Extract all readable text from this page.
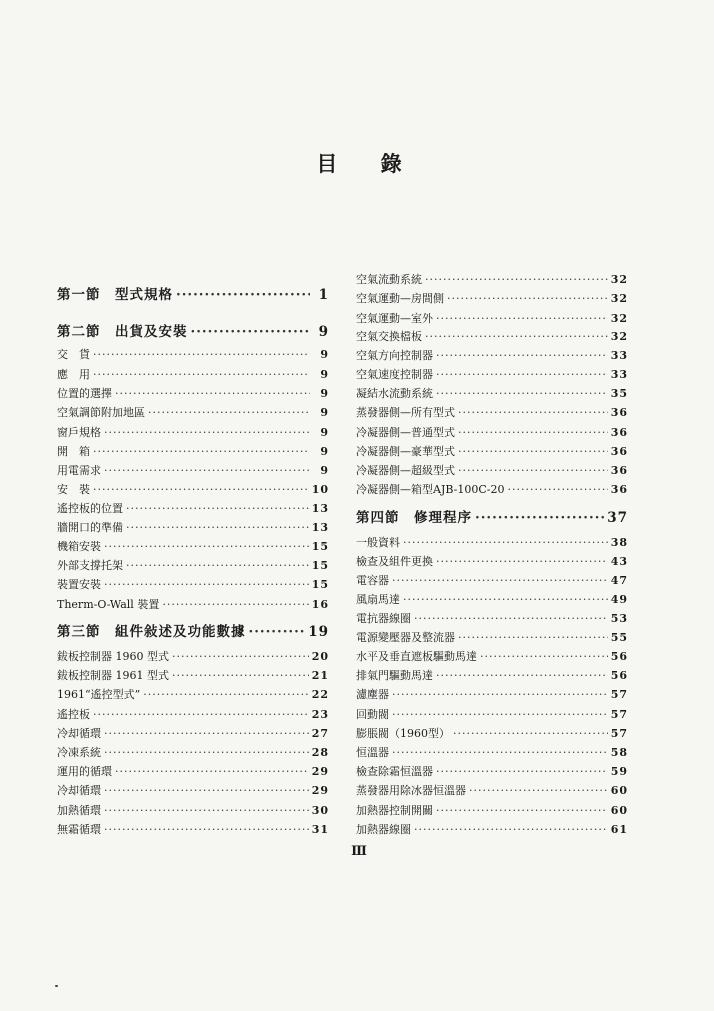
目 錄
第一節　型式規格 ·····	1
第二節　出貨及安裝 ·····	9
交　貨 ·····	9
應　用 ·····	9
位置的選擇 ·····	9
空氣調節附加地區 ·····	9
窗戶規格 ·····	9
開　箱 ·····	9
用電需求 ·····	9
安　裝 ·····	10
遙控板的位置 ·····	13
牆開口的準備 ·····	13
機箱安裝 ·····	15
外部支撐托架 ·····	15
裝置安裝 ·····	15
Therm-O-Wall 裝置 ·····	16
第三節　組件敍述及功能數據 ·····	19
鈸板控制器 1960 型式 ·····	20
鈸板控制器 1961 型式 ·····	21
1961“遙控型式” ·····	22
遙控板 ·····	23
冷却循環 ·····	27
冷凍系統 ·····	28
運用的循環 ·····	29
冷却循環 ·····	29
加熱循環 ·····	30
無霜循環 ·····	31
空氣流動系統 ·····	32
空氣運動—房間側 ·····	32
空氣運動—室外 ·····	32
空氣交換檔板 ·····	32
空氣方向控制器 ·····	33
空氣速度控制器 ·····	33
凝結水流動系統 ·····	35
蒸發器側—所有型式 ·····	36
冷凝器側—普通型式 ·····	36
冷凝器側—豪華型式 ·····	36
冷凝器側—超級型式 ·····	36
冷凝器側—箱型AJB-100C-20 ·····	36
第四節　修理程序 ·····	37
一般資料 ·····	38
檢查及組件更換 ·····	43
電容器 ·····	47
風扇馬達 ·····	49
電抗器線圈 ·····	53
電源變壓器及整流器 ·····	55
水平及垂直遮板驅動馬達 ·····	56
排氣門驅動馬達 ·····	56
濾塵器 ·····	57
回動閥 ·····	57
膨脹閥（1960型） ·····	57
恒溫器 ·····	58
檢查除霜恒溫器 ·····	59
蒸發器用除冰器恒溫器 ·····	60
加熱器控制開關 ·····	60
加熱器線圈 ·····	61
Ⅲ
